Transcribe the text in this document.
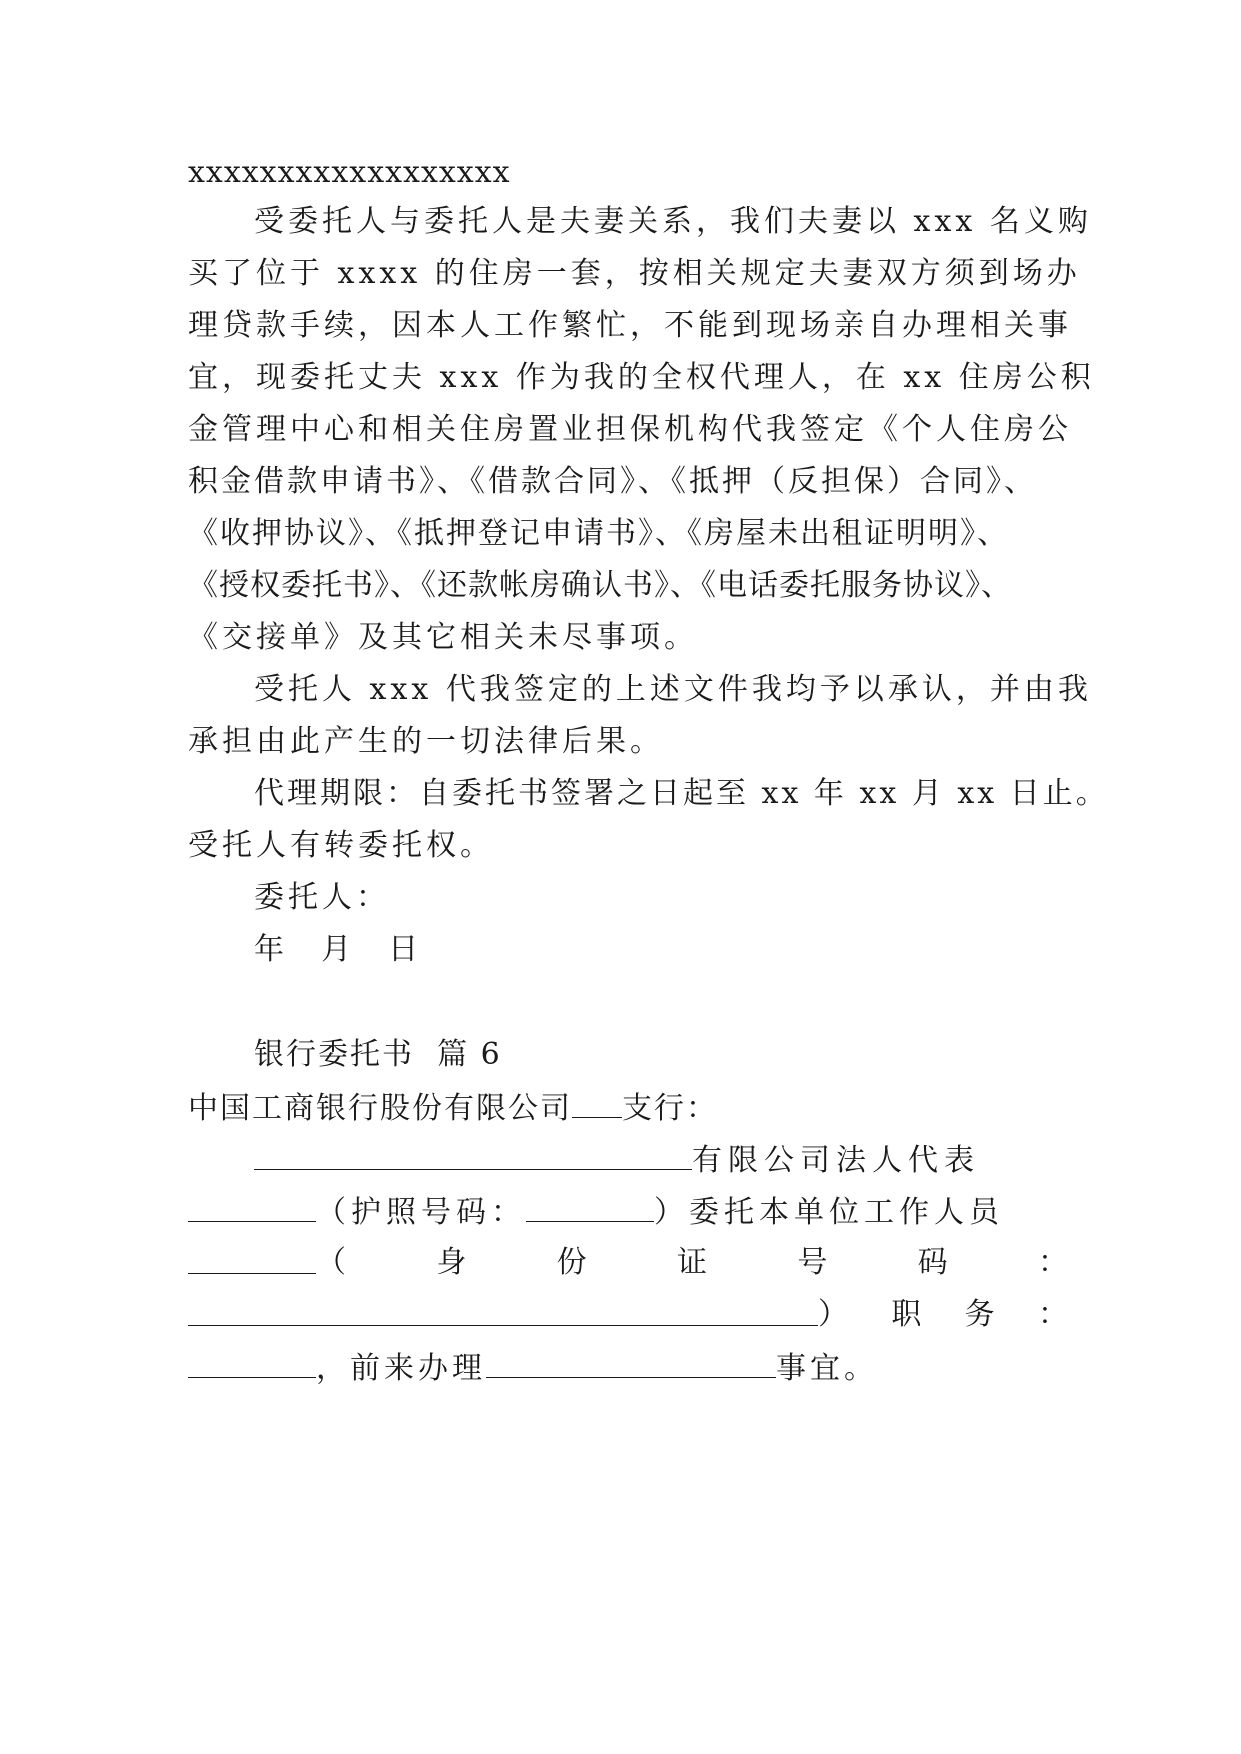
xxxxxxxxxxxxxxxxxx
受委托人与委托人是夫妻关系，我们夫妻以 xxx 名义购
买了位于 xxxx 的住房一套，按相关规定夫妻双方须到场办
理贷款手续，因本人工作繁忙，不能到现场亲自办理相关事
宜，现委托丈夫 xxx 作为我的全权代理人，在 xx 住房公积
金管理中心和相关住房置业担保机构代我签定《个人住房公
积金借款申请书》、《借款合同》、《抵押（反担保）合同》、
《收押协议》、《抵押登记申请书》、《房屋未出租证明明》、
《授权委托书》、《还款帐房确认书》、《电话委托服务协议》、
《交接单》及其它相关未尽事项。
受托人 xxx 代我签定的上述文件我均予以承认，并由我
承担由此产生的一切法律后果。
代理期限：自委托书签署之日起至 xx 年 xx 月 xx 日止。
受托人有转委托权。
委托人：
年  月  日
银行委托书  篇 6
中国工商银行股份有限公司 支行：
有限公司法人代表
（护照号码：	）委托本单位工作人员
（	身	份	证	号	码	：
） 职 务 ：
，前来办理	事宜。
